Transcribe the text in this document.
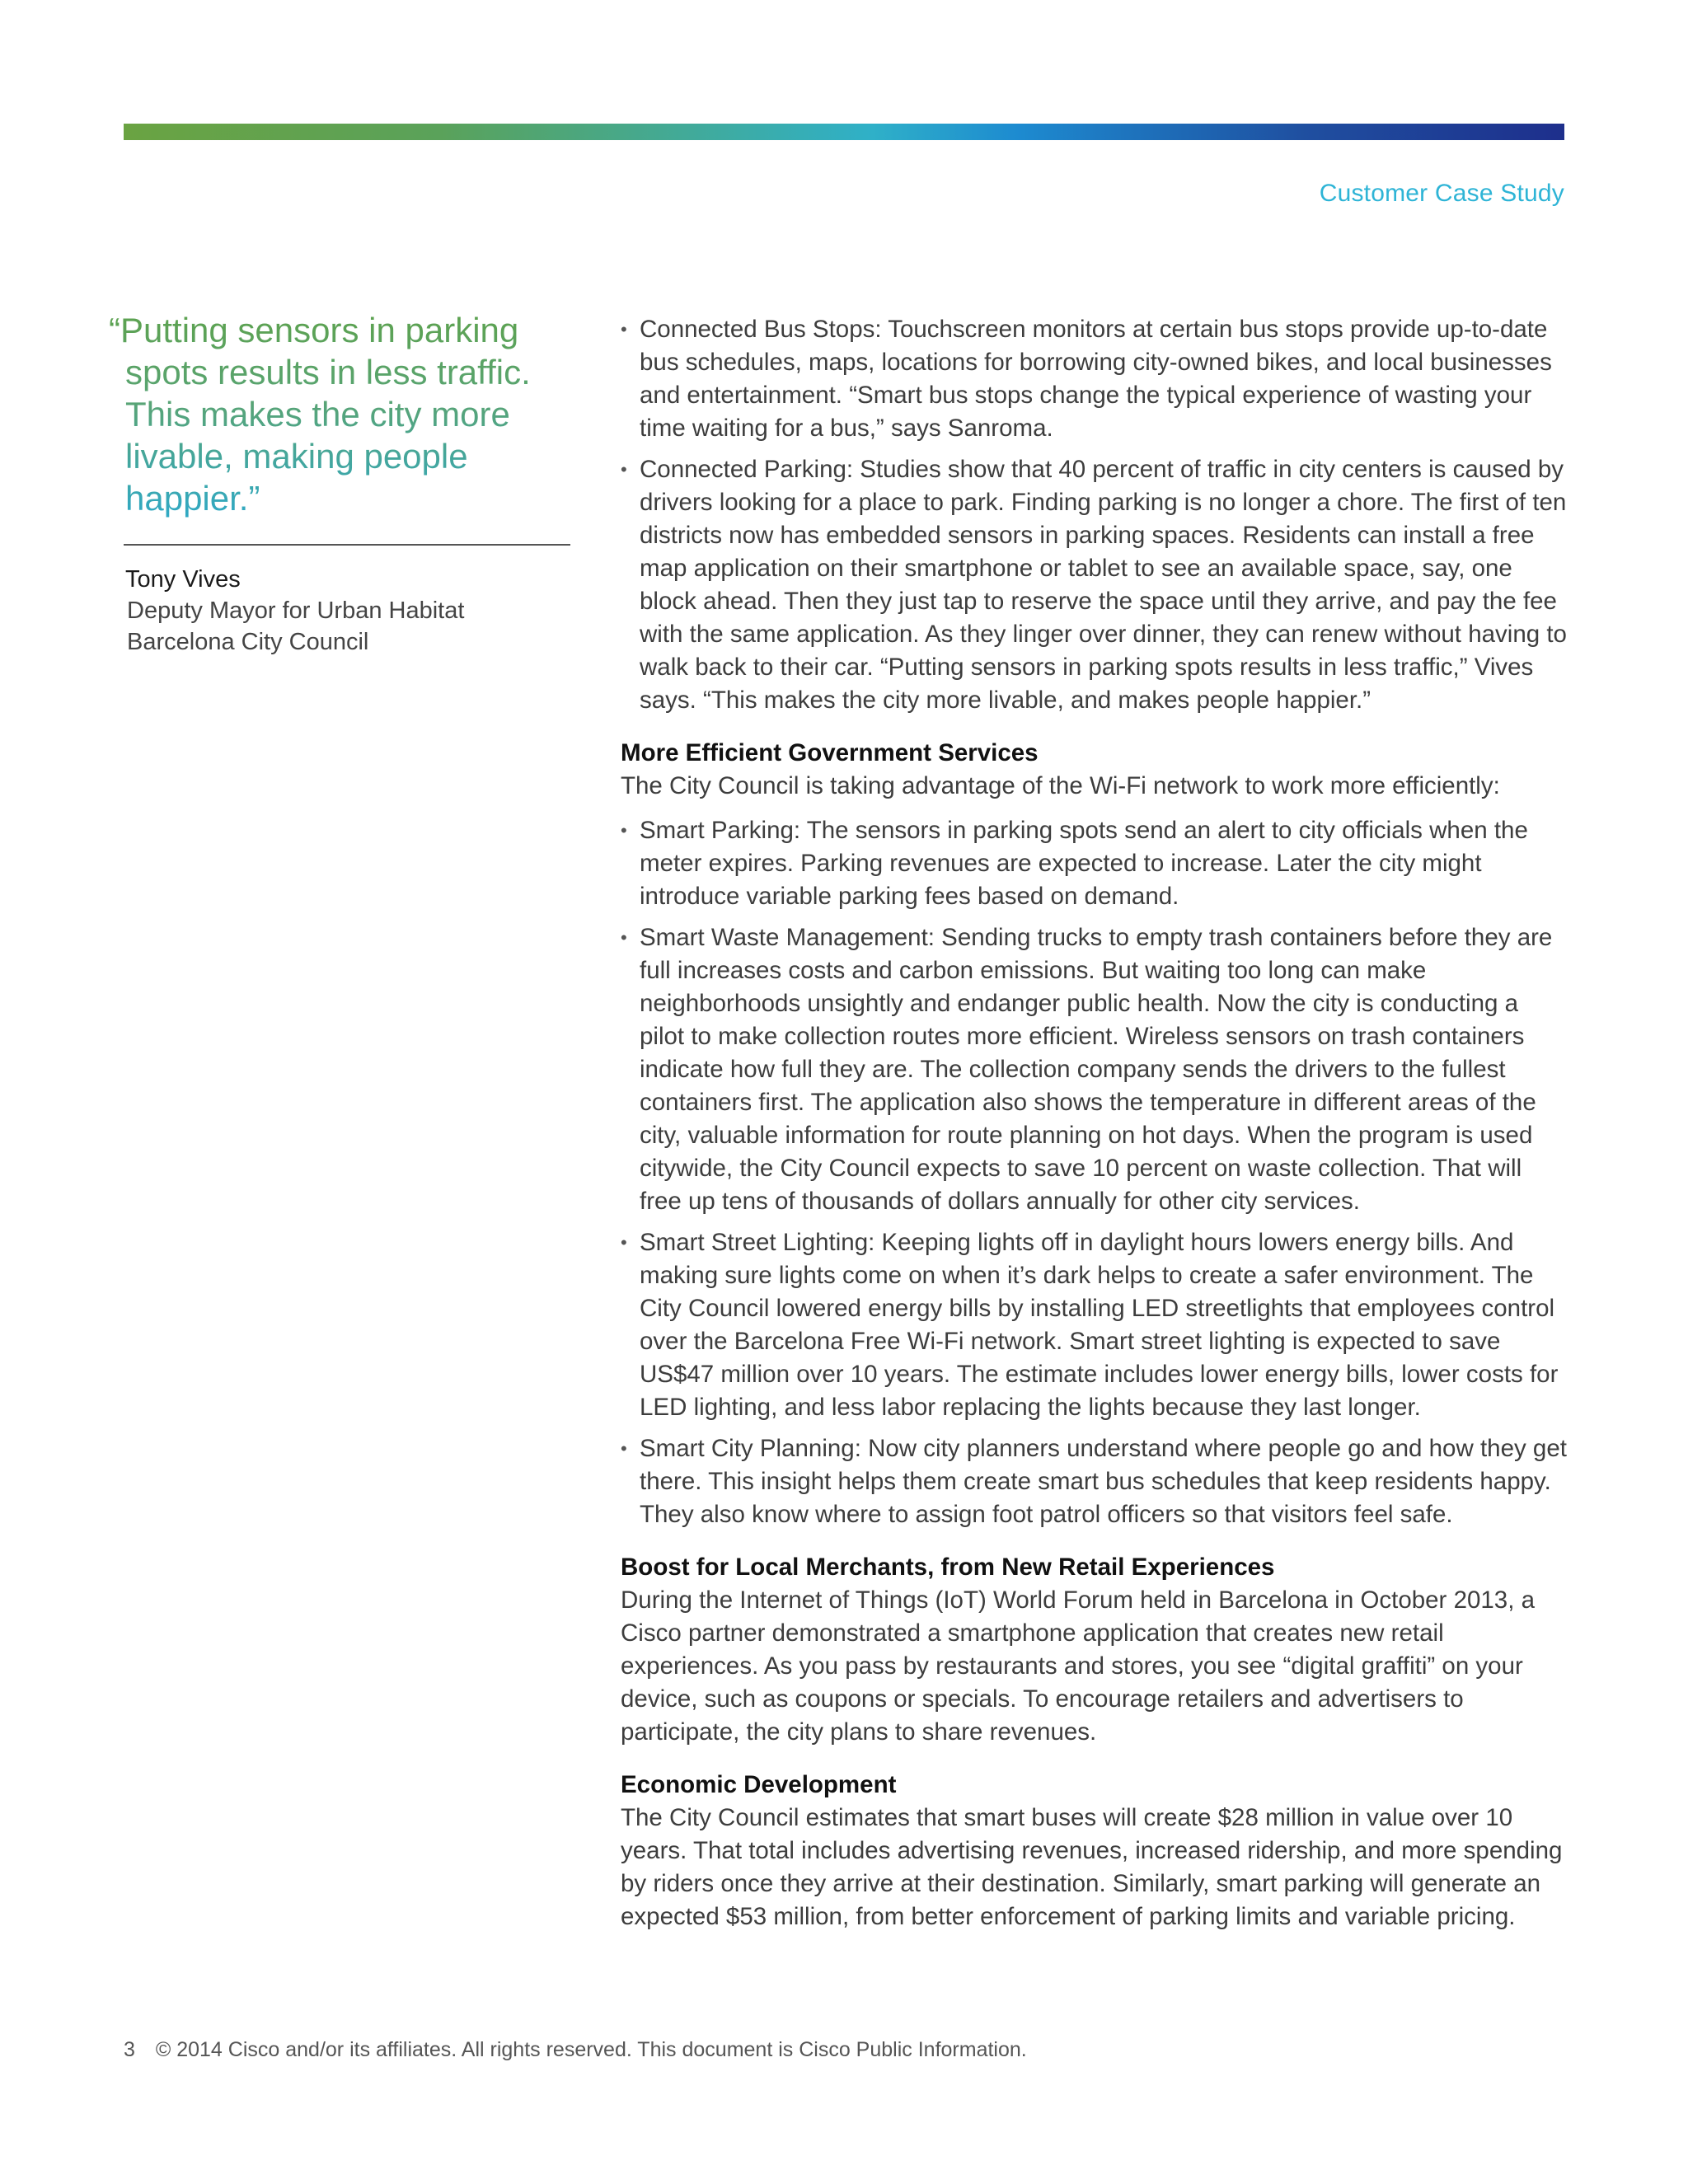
Customer Case Study
“Putting sensors in parking
spots results in less traffic.
This makes the city more
livable, making people
happier.”
Tony Vives
Deputy Mayor for Urban Habitat
Barcelona City Council
• Connected Bus Stops: Touchscreen monitors at certain bus stops provide up-to-date bus schedules, maps, locations for borrowing city-owned bikes, and local businesses and entertainment. “Smart bus stops change the typical experience of wasting your time waiting for a bus,” says Sanroma.
• Connected Parking: Studies show that 40 percent of traffic in city centers is caused by drivers looking for a place to park. Finding parking is no longer a chore. The first of ten districts now has embedded sensors in parking spaces. Residents can install a free map application on their smartphone or tablet to see an available space, say, one block ahead. Then they just tap to reserve the space until they arrive, and pay the fee with the same application. As they linger over dinner, they can renew without having to walk back to their car. “Putting sensors in parking spots results in less traffic,” Vives says. “This makes the city more livable, and makes people happier.”
More Efficient Government Services

The City Council is taking advantage of the Wi-Fi network to work more efficiently:

• Smart Parking: The sensors in parking spots send an alert to city officials when the meter expires. Parking revenues are expected to increase. Later the city might introduce variable parking fees based on demand.
• Smart Waste Management: Sending trucks to empty trash containers before they are full increases costs and carbon emissions. But waiting too long can make neighborhoods unsightly and endanger public health. Now the city is conducting a pilot to make collection routes more efficient. Wireless sensors on trash containers indicate how full they are. The collection company sends the drivers to the fullest containers first. The application also shows the temperature in different areas of the city, valuable information for route planning on hot days. When the program is used citywide, the City Council expects to save 10 percent on waste collection. That will free up tens of thousands of dollars annually for other city services.
• Smart Street Lighting: Keeping lights off in daylight hours lowers energy bills. And making sure lights come on when it’s dark helps to create a safer environment. The City Council lowered energy bills by installing LED streetlights that employees control over the Barcelona Free Wi-Fi network. Smart street lighting is expected to save US$47 million over 10 years. The estimate includes lower energy bills, lower costs for LED lighting, and less labor replacing the lights because they last longer.
• Smart City Planning: Now city planners understand where people go and how they get there. This insight helps them create smart bus schedules that keep residents happy. They also know where to assign foot patrol officers so that visitors feel safe.
Boost for Local Merchants, from New Retail Experiences

During the Internet of Things (IoT) World Forum held in Barcelona in October 2013, a Cisco partner demonstrated a smartphone application that creates new retail experiences. As you pass by restaurants and stores, you see “digital graffiti” on your device, such as coupons or specials. To encourage retailers and advertisers to participate, the city plans to share revenues.

Economic Development

The City Council estimates that smart buses will create $28 million in value over 10 years. That total includes advertising revenues, increased ridership, and more spending by riders once they arrive at their destination. Similarly, smart parking will generate an expected $53 million, from better enforcement of parking limits and variable pricing.

3 © 2014 Cisco and/or its affiliates. All rights reserved. This document is Cisco Public Information.
